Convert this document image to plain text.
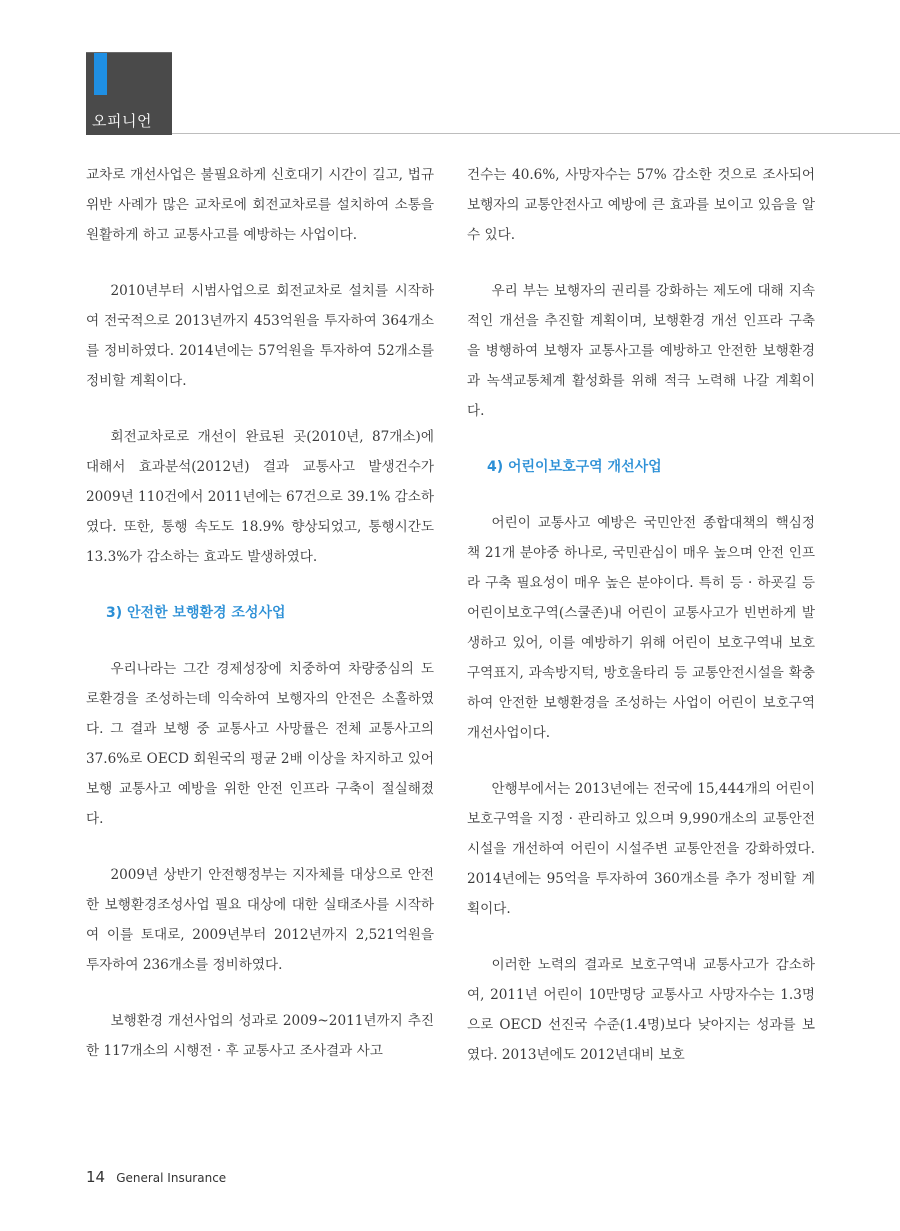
오피니언

교차로 개선사업은 불필요하게 신호대기 시간이 길고, 법규위반 사례가 많은 교차로에 회전교차로를 설치하여 소통을 원활하게 하고 교통사고를 예방하는 사업이다.

2010년부터 시범사업으로 회전교차로 설치를 시작하여 전국적으로 2013년까지 453억원을 투자하여 364개소를 정비하였다. 2014년에는 57억원을 투자하여 52개소를 정비할 계획이다.

회전교차로로 개선이 완료된 곳(2010년, 87개소)에 대해서 효과분석(2012년) 결과 교통사고 발생건수가 2009년 110건에서 2011년에는 67건으로 39.1% 감소하였다. 또한, 통행 속도도 18.9% 향상되었고, 통행시간도 13.3%가 감소하는 효과도 발생하였다.

3) 안전한 보행환경 조성사업

우리나라는 그간 경제성장에 치중하여 차량중심의 도로환경을 조성하는데 익숙하여 보행자의 안전은 소홀하였다. 그 결과 보행 중 교통사고 사망률은 전체 교통사고의 37.6%로 OECD 회원국의 평균 2배 이상을 차지하고 있어 보행 교통사고 예방을 위한 안전 인프라 구축이 절실해졌다.

2009년 상반기 안전행정부는 지자체를 대상으로 안전한 보행환경조성사업 필요 대상에 대한 실태조사를 시작하여 이를 토대로, 2009년부터 2012년까지 2,521억원을 투자하여 236개소를 정비하였다.

보행환경 개선사업의 성과로 2009~2011년까지 추진한 117개소의 시행전 · 후 교통사고 조사결과 사고

건수는 40.6%, 사망자수는 57% 감소한 것으로 조사되어 보행자의 교통안전사고 예방에 큰 효과를 보이고 있음을 알 수 있다.

우리 부는 보행자의 권리를 강화하는 제도에 대해 지속적인 개선을 추진할 계획이며, 보행환경 개선 인프라 구축을 병행하여 보행자 교통사고를 예방하고 안전한 보행환경과 녹색교통체계 활성화를 위해 적극 노력해 나갈 계획이다.

4) 어린이보호구역 개선사업

어린이 교통사고 예방은 국민안전 종합대책의 핵심정책 21개 분야중 하나로, 국민관심이 매우 높으며 안전 인프라 구축 필요성이 매우 높은 분야이다. 특히 등 · 하굣길 등 어린이보호구역(스쿨존)내 어린이 교통사고가 빈번하게 발생하고 있어, 이를 예방하기 위해 어린이 보호구역내 보호구역표지, 과속방지턱, 방호울타리 등 교통안전시설을 확충하여 안전한 보행환경을 조성하는 사업이 어린이 보호구역 개선사업이다.

안행부에서는 2013년에는 전국에 15,444개의 어린이보호구역을 지정 · 관리하고 있으며 9,990개소의 교통안전시설을 개선하여 어린이 시설주변 교통안전을 강화하였다. 2014년에는 95억을 투자하여 360개소를 추가 정비할 계획이다.

이러한 노력의 결과로 보호구역내 교통사고가 감소하여, 2011년 어린이 10만명당 교통사고 사망자수는 1.3명으로 OECD 선진국 수준(1.4명)보다 낮아지는 성과를 보였다. 2013년에도 2012년대비 보호

14 General Insurance
